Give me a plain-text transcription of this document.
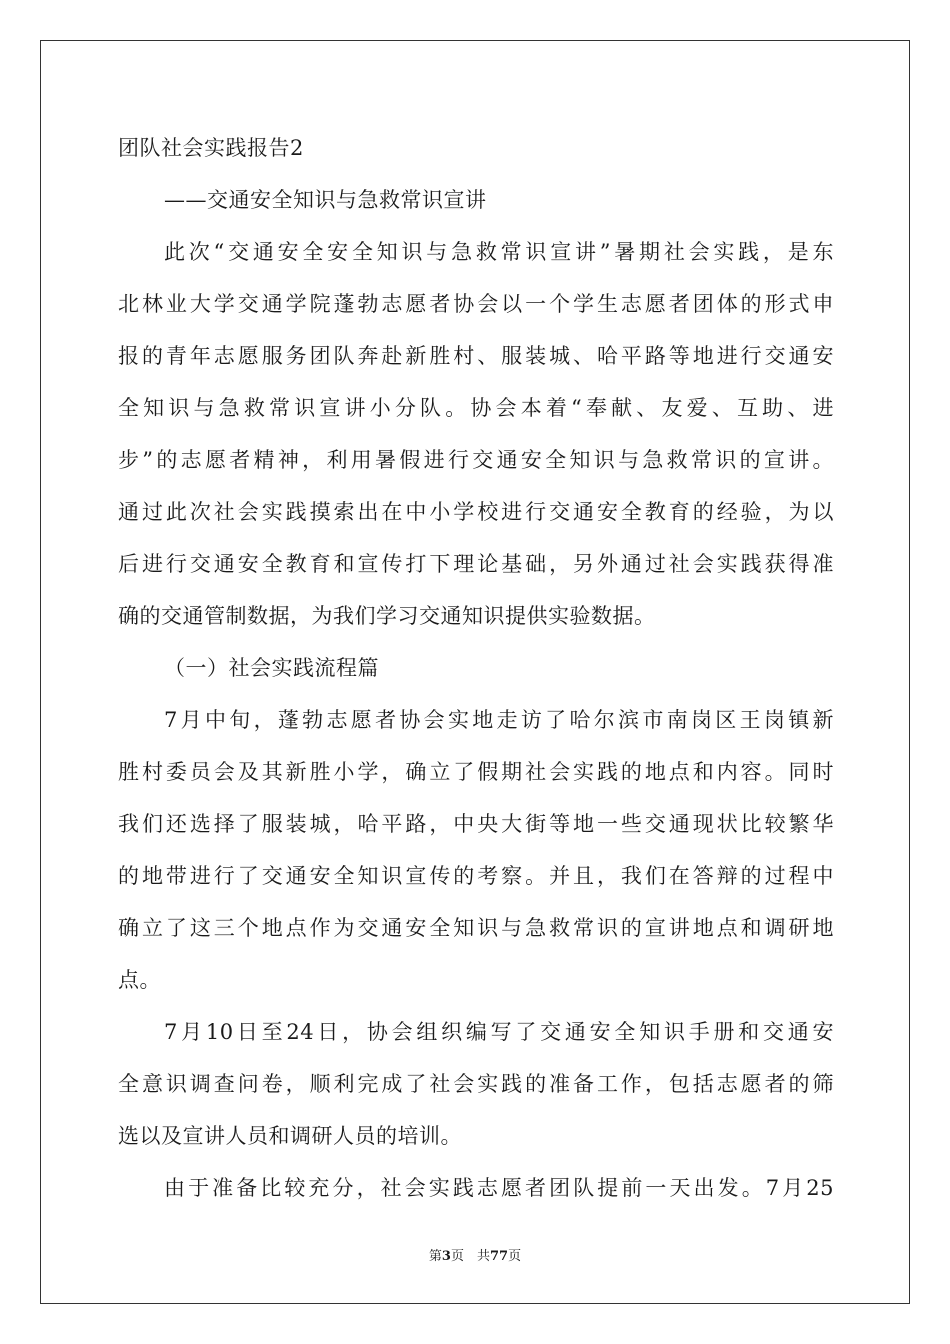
团队社会实践报告2
——交通安全知识与急救常识宣讲
此次“交通安全安全知识与急救常识宣讲”暑期社会实践，是东
北林业大学交通学院蓬勃志愿者协会以一个学生志愿者团体的形式申
报的青年志愿服务团队奔赴新胜村、服装城、哈平路等地进行交通安
全知识与急救常识宣讲小分队。协会本着“奉献、友爱、互助、进
步”的志愿者精神，利用暑假进行交通安全知识与急救常识的宣讲。
通过此次社会实践摸索出在中小学校进行交通安全教育的经验，为以
后进行交通安全教育和宣传打下理论基础，另外通过社会实践获得准
确的交通管制数据，为我们学习交通知识提供实验数据。
（一）社会实践流程篇
7月中旬，蓬勃志愿者协会实地走访了哈尔滨市南岗区王岗镇新
胜村委员会及其新胜小学，确立了假期社会实践的地点和内容。同时
我们还选择了服装城，哈平路，中央大街等地一些交通现状比较繁华
的地带进行了交通安全知识宣传的考察。并且，我们在答辩的过程中
确立了这三个地点作为交通安全知识与急救常识的宣讲地点和调研地
点。
7月10日至24日，协会组织编写了交通安全知识手册和交通安
全意识调查问卷，顺利完成了社会实践的准备工作，包括志愿者的筛
选以及宣讲人员和调研人员的培训。
由于准备比较充分，社会实践志愿者团队提前一天出发。7月25
第3页　共77页
